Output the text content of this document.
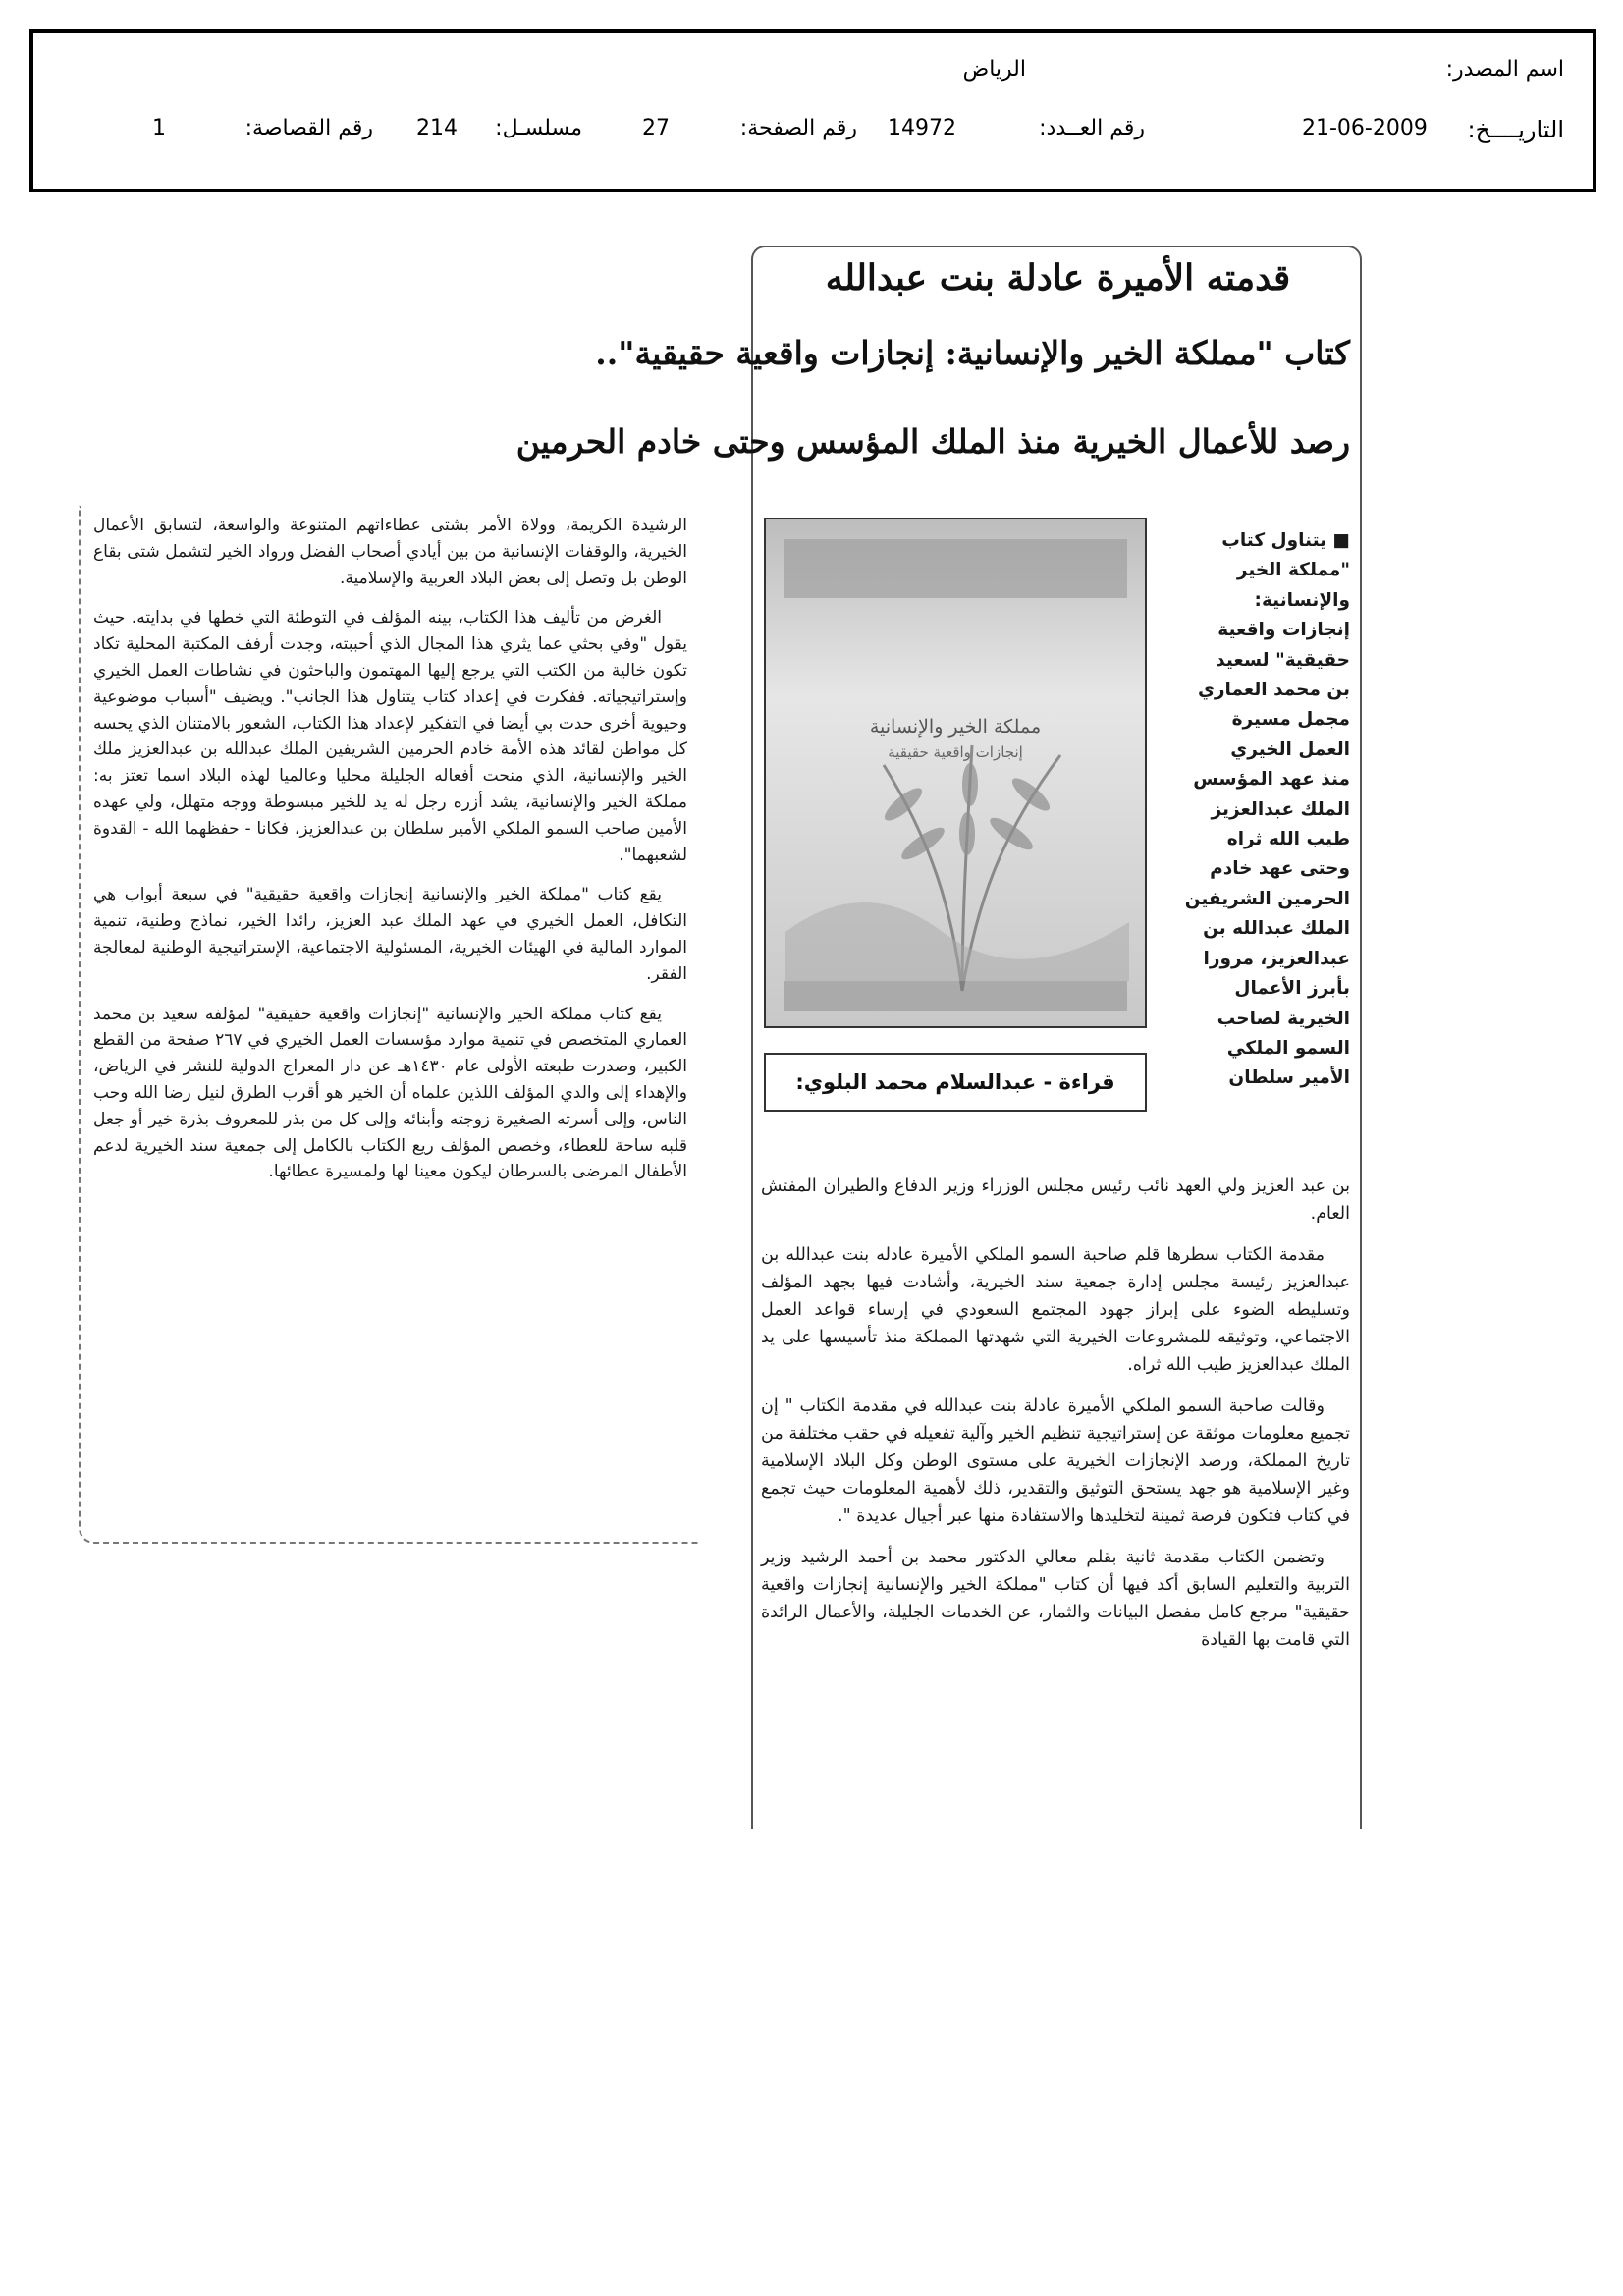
اسم المصدر:
الرياض
التاريــــخ:
21-06-2009
رقم العــدد:
14972
رقم الصفحة:
27
مسلسـل:
214
رقم القصاصة:
1
قدمته الأميرة عادلة بنت عبدالله
كتاب "مملكة الخير والإنسانية: إنجازات واقعية حقيقية"..
رصد للأعمال الخيرية منذ الملك المؤسس وحتى خادم الحرمين
مملكة الخير والإنسانية
إنجازات واقعية حقيقية
قراءة - عبدالسلام محمد البلوي:
■ يتناول كتاب
"مملكة الخير
والإنسانية:
إنجازات واقعية
حقيقية" لسعيد
بن محمد العماري
مجمل مسيرة
العمل الخيري
منذ عهد المؤسس
الملك عبدالعزيز
طيب الله ثراه
وحتى عهد خادم
الحرمين الشريفين
الملك عبدالله بن
عبدالعزيز، مرورا
بأبرز الأعمال
الخيرية لصاحب
السمو الملكي
الأمير سلطان

بن عبد العزيز ولي العهد نائب رئيس مجلس الوزراء وزير الدفاع والطيران المفتش العام.

مقدمة الكتاب سطرها قلم صاحبة السمو الملكي الأميرة عادله بنت عبدالله بن عبدالعزيز رئيسة مجلس إدارة جمعية سند الخيرية، وأشادت فيها بجهد المؤلف وتسليطه الضوء على إبراز جهود المجتمع السعودي في إرساء قواعد العمل الاجتماعي، وتوثيقه للمشروعات الخيرية التي شهدتها المملكة منذ تأسيسها على يد الملك عبدالعزيز طيب الله ثراه.

وقالت صاحبة السمو الملكي الأميرة عادلة بنت عبدالله في مقدمة الكتاب " إن تجميع معلومات موثقة عن إستراتيجية تنظيم الخير وآلية تفعيله في حقب مختلفة من تاريخ المملكة، ورصد الإنجازات الخيرية على مستوى الوطن وكل البلاد الإسلامية وغير الإسلامية هو جهد يستحق التوثيق والتقدير، ذلك لأهمية المعلومات حيث تجمع في كتاب فتكون فرصة ثمينة لتخليدها والاستفادة منها عبر أجيال عديدة ".

وتضمن الكتاب مقدمة ثانية بقلم معالي الدكتور محمد بن أحمد الرشيد وزير التربية والتعليم السابق أكد فيها أن كتاب "مملكة الخير والإنسانية إنجازات واقعية حقيقية" مرجع كامل مفصل البيانات والثمار، عن الخدمات الجليلة، والأعمال الرائدة التي قامت بها القيادة

الرشيدة الكريمة، وولاة الأمر بشتى عطاءاتهم المتنوعة والواسعة، لتسابق الأعمال الخيرية، والوقفات الإنسانية من بين أيادي أصحاب الفضل ورواد الخير لتشمل شتى بقاع الوطن بل وتصل إلى بعض البلاد العربية والإسلامية.

الغرض من تأليف هذا الكتاب، بينه المؤلف في التوطئة التي خطها في بدايته. حيث يقول "وفي بحثي عما يثري هذا المجال الذي أحببته، وجدت أرفف المكتبة المحلية تكاد تكون خالية من الكتب التي يرجع إليها المهتمون والباحثون في نشاطات العمل الخيري وإستراتيجياته. ففكرت في إعداد كتاب يتناول هذا الجانب". ويضيف "أسباب موضوعية وحيوية أخرى حدت بي أيضا في التفكير لإعداد هذا الكتاب، الشعور بالامتنان الذي يحسه كل مواطن لقائد هذه الأمة خادم الحرمين الشريفين الملك عبدالله بن عبدالعزيز ملك الخير والإنسانية، الذي منحت أفعاله الجليلة محليا وعالميا لهذه البلاد اسما تعتز به: مملكة الخير والإنسانية، يشد أزره رجل له يد للخير مبسوطة ووجه متهلل، ولي عهده الأمين صاحب السمو الملكي الأمير سلطان بن عبدالعزيز، فكانا - حفظهما الله - القدوة لشعبهما".

يقع كتاب "مملكة الخير والإنسانية إنجازات واقعية حقيقية" في سبعة أبواب هي التكافل، العمل الخيري في عهد الملك عبد العزيز، رائدا الخير، نماذج وطنية، تنمية الموارد المالية في الهيئات الخيرية، المسئولية الاجتماعية، الإستراتيجية الوطنية لمعالجة الفقر.

يقع كتاب مملكة الخير والإنسانية "إنجازات واقعية حقيقية" لمؤلفه سعيد بن محمد العماري المتخصص في تنمية موارد مؤسسات العمل الخيري في ٢٦٧ صفحة من القطع الكبير، وصدرت طبعته الأولى عام ١٤٣٠هـ عن دار المعراج الدولية للنشر في الرياض، والإهداء إلى والدي المؤلف اللذين علماه أن الخير هو أقرب الطرق لنيل رضا الله وحب الناس، وإلى أسرته الصغيرة زوجته وأبنائه وإلى كل من بذر للمعروف بذرة خير أو جعل قلبه ساحة للعطاء، وخصص المؤلف ريع الكتاب بالكامل إلى جمعية سند الخيرية لدعم الأطفال المرضى بالسرطان ليكون معينا لها ولمسيرة عطائها.
